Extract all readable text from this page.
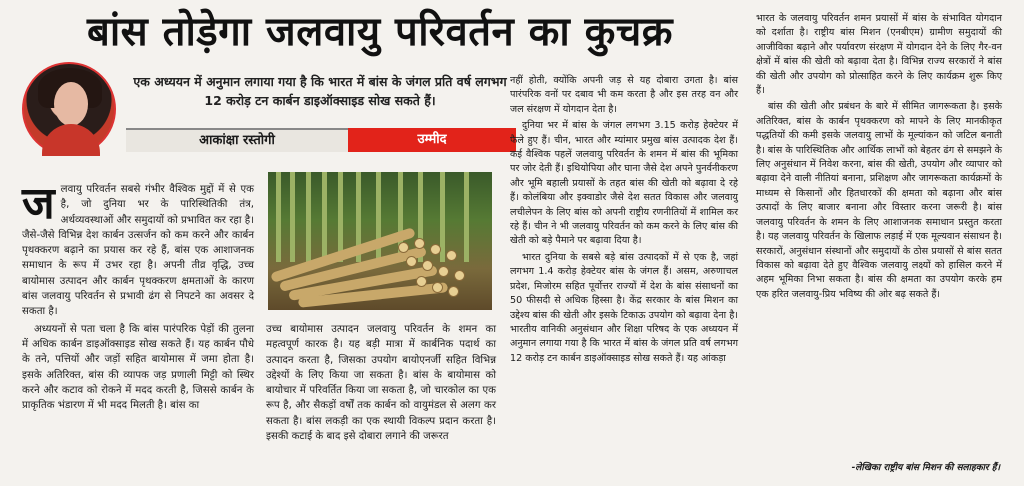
बांस तोड़ेगा जलवायु परिवर्तन का कुचक्र
एक अध्ययन में अनुमान लगाया गया है कि भारत में बांस के जंगल प्रति वर्ष लगभग 12 करोड़ टन कार्बन डाइऑक्साइड सोख सकते हैं।
आकांक्षा रस्तोगी	उम्मीद

जलवायु परिवर्तन सबसे गंभीर वैश्विक मुद्दों में से एक है, जो दुनिया भर के पारिस्थितिकी तंत्र, अर्थव्यवस्थाओं और समुदायों को प्रभावित कर रहा है। जैसे-जैसे विभिन्न देश कार्बन उत्सर्जन को कम करने और कार्बन पृथक्करण बढ़ाने का प्रयास कर रहे हैं, बांस एक आशाजनक समाधान के रूप में उभर रहा है। अपनी तीव्र वृद्धि, उच्च बायोमास उत्पादन और कार्बन पृथक्करण क्षमताओं के कारण बांस जलवायु परिवर्तन से प्रभावी ढंग से निपटने का अवसर दे सकता है।

अध्ययनों से पता चला है कि बांस पारंपरिक पेड़ों की तुलना में अधिक कार्बन डाइऑक्साइड सोख सकते हैं। यह कार्बन पौधे के तने, पत्तियों और जड़ों सहित बायोमास में जमा होता है। इसके अतिरिक्त, बांस की व्यापक जड़ प्रणाली मिट्टी को स्थिर करने और कटाव को रोकने में मदद करती है, जिससे कार्बन के प्राकृतिक भंडारण में भी मदद मिलती है। बांस का

उच्च बायोमास उत्पादन जलवायु परिवर्तन के शमन का महत्वपूर्ण कारक है। यह बड़ी मात्रा में कार्बनिक पदार्थ का उत्पादन करता है, जिसका उपयोग बायोएनर्जी सहित विभिन्न उद्देश्यों के लिए किया जा सकता है। बांस के बायोमास को बायोचार में परिवर्तित किया जा सकता है, जो चारकोल का एक रूप है, और सैकड़ों वर्षों तक कार्बन को वायुमंडल से अलग कर सकता है। बांस लकड़ी का एक स्थायी विकल्प प्रदान करता है। इसकी कटाई के बाद इसे दोबारा लगाने की जरूरत

नहीं होती, क्योंकि अपनी जड़ से यह दोबारा उगता है। बांस पारंपरिक वनों पर दबाव भी कम करता है और इस तरह वन और जल संरक्षण में योगदान देता है।

दुनिया भर में बांस के जंगल लगभग 3.15 करोड़ हेक्टेयर में फैले हुए हैं। चीन, भारत और म्यांमार प्रमुख बांस उत्पादक देश हैं। कई वैश्विक पहलें जलवायु परिवर्तन के शमन में बांस की भूमिका पर जोर देती हैं। इथियोपिया और घाना जैसे देश अपने पुनर्वनीकरण और भूमि बहाली प्रयासों के तहत बांस की खेती को बढ़ावा दे रहे हैं। कोलंबिया और इक्वाडोर जैसे देश सतत विकास और जलवायु लचीलेपन के लिए बांस को अपनी राष्ट्रीय रणनीतियों में शामिल कर रहे हैं। चीन ने भी जलवायु परिवर्तन को कम करने के लिए बांस की खेती को बड़े पैमाने पर बढ़ावा दिया है।

भारत दुनिया के सबसे बड़े बांस उत्पादकों में से एक है, जहां लगभग 1.4 करोड़ हेक्टेयर बांस के जंगल हैं। असम, अरुणाचल प्रदेश, मिजोरम सहित पूर्वोत्तर राज्यों में देश के बांस संसाधनों का 50 फीसदी से अधिक हिस्सा है। केंद्र सरकार के बांस मिशन का उद्देश्य बांस की खेती और इसके टिकाऊ उपयोग को बढ़ावा देना है। भारतीय वानिकी अनुसंधान और शिक्षा परिषद के एक अध्ययन में अनुमान लगाया गया है कि भारत में बांस के जंगल प्रति वर्ष लगभग 12 करोड़ टन कार्बन डाइऑक्साइड सोख सकते हैं। यह आंकड़ा

भारत के जलवायु परिवर्तन शमन प्रयासों में बांस के संभावित योगदान को दर्शाता है। राष्ट्रीय बांस मिशन (एनबीएम) ग्रामीण समुदायों की आजीविका बढ़ाने और पर्यावरण संरक्षण में योगदान देने के लिए गैर-वन क्षेत्रों में बांस की खेती को बढ़ावा देता है। विभिन्न राज्य सरकारों ने बांस की खेती और उपयोग को प्रोत्साहित करने के लिए कार्यक्रम शुरू किए हैं।

बांस की खेती और प्रबंधन के बारे में सीमित जागरूकता है। इसके अतिरिक्त, बांस के कार्बन पृथक्करण को मापने के लिए मानकीकृत पद्धतियों की कमी इसके जलवायु लाभों के मूल्यांकन को जटिल बनाती है। बांस के पारिस्थितिक और आर्थिक लाभों को बेहतर ढंग से समझने के लिए अनुसंधान में निवेश करना, बांस की खेती, उपयोग और व्यापार को बढ़ावा देने वाली नीतियां बनाना, प्रशिक्षण और जागरूकता कार्यक्रमों के माध्यम से किसानों और हितधारकों की क्षमता को बढ़ाना और बांस उत्पादों के लिए बाजार बनाना और विस्तार करना जरूरी है। बांस जलवायु परिवर्तन के शमन के लिए आशाजनक समाधान प्रस्तुत करता है। यह जलवायु परिवर्तन के खिलाफ लड़ाई में एक मूल्यवान संसाधन है। सरकारों, अनुसंधान संस्थानों और समुदायों के ठोस प्रयासों से बांस सतत विकास को बढ़ावा देते हुए वैश्विक जलवायु लक्ष्यों को हासिल करने में अहम भूमिका निभा सकता है। बांस की क्षमता का उपयोग करके हम एक हरित जलवायु-प्रिय भविष्य की ओर बढ़ सकते हैं।

-लेखिका राष्ट्रीय बांस मिशन की सलाहकार हैं।
